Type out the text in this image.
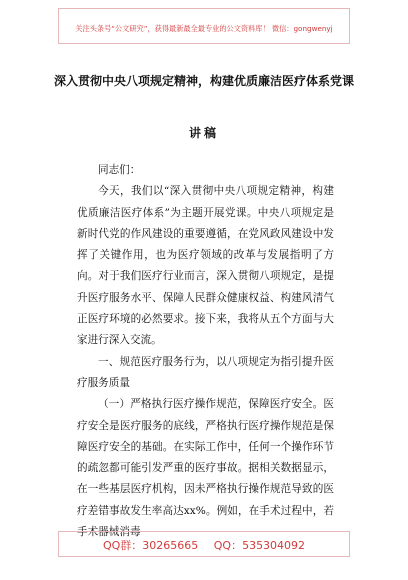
关注头条号“公文研究”，获得最新最全最专业的公文资料库！ 微信：gongwenyj
深入贯彻中央八项规定精神，构建优质廉洁医疗体系党课
讲稿

同志们：

今天，我们以“深入贯彻中央八项规定精神，构建优质廉洁医疗体系”为主题开展党课。中央八项规定是新时代党的作风建设的重要遵循，在党风政风建设中发挥了关键作用，也为医疗领域的改革与发展指明了方向。对于我们医疗行业而言，深入贯彻八项规定，是提升医疗服务水平、保障人民群众健康权益、构建风清气正医疗环境的必然要求。接下来，我将从五个方面与大家进行深入交流。

一、规范医疗服务行为，以八项规定为指引提升医疗服务质量

（一）严格执行医疗操作规范，保障医疗安全。医疗安全是医疗服务的底线，严格执行医疗操作规范是保障医疗安全的基础。在实际工作中，任何一个操作环节的疏忽都可能引发严重的医疗事故。据相关数据显示，在一些基层医疗机构，因未严格执行操作规范导致的医疗差错事故发生率高达xx%。例如，在手术过程中，若手术器械消毒

QQ群：30265665 QQ：535304092
